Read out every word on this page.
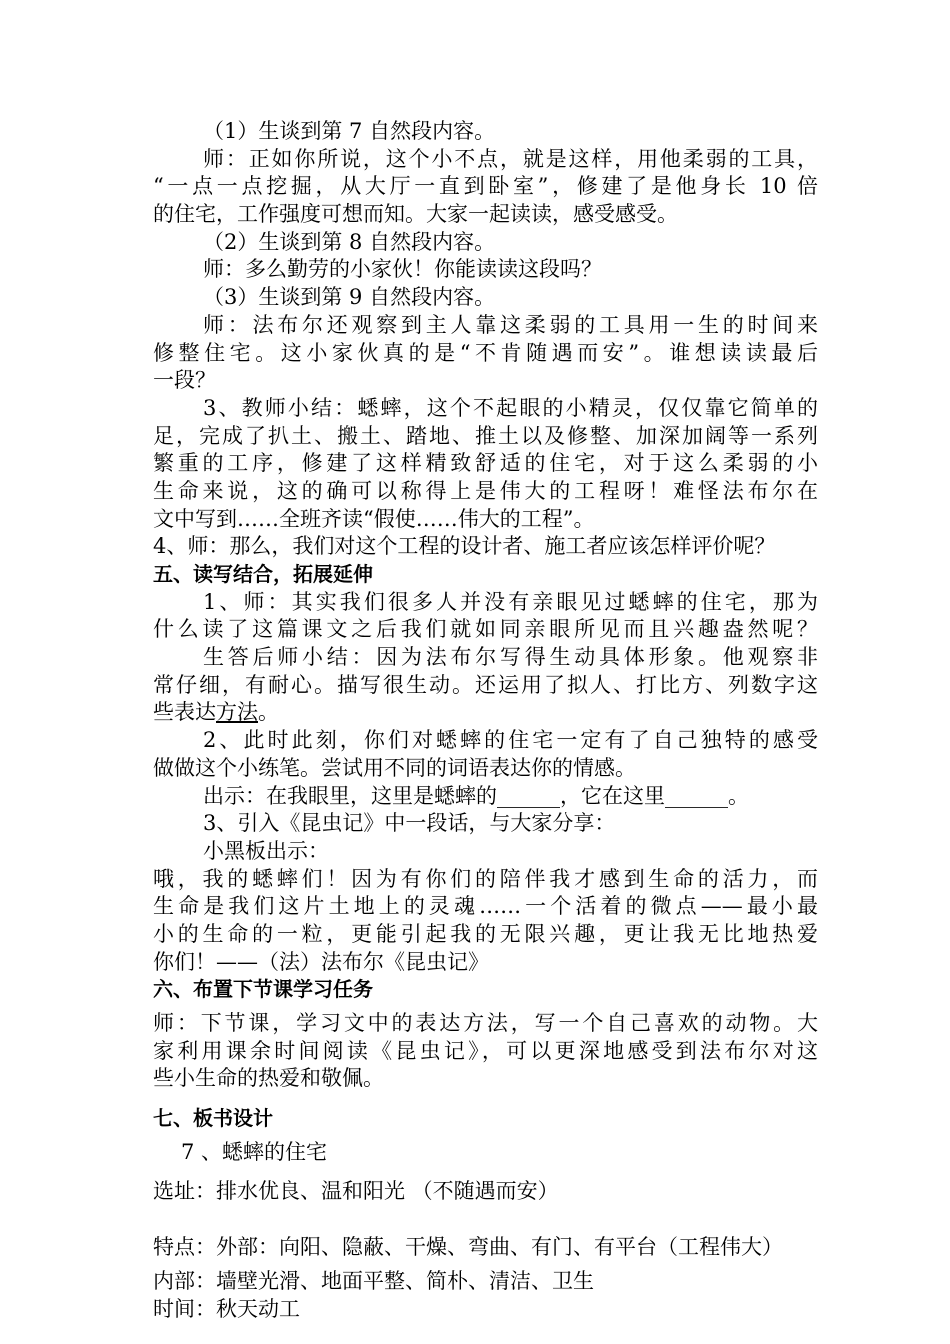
（1）生谈到第 7 自然段内容。
师：正如你所说，这个小不点，就是这样，用他柔弱的工具，
“一点一点挖掘，从大厅一直到卧室”，修建了是他身长 10 倍
的住宅，工作强度可想而知。大家一起读读，感受感受。
（2）生谈到第 8 自然段内容。
师：多么勤劳的小家伙！你能读读这段吗？
（3）生谈到第 9 自然段内容。
师：法布尔还观察到主人靠这柔弱的工具用一生的时间来
修整住宅。这小家伙真的是“不肯随遇而安”。谁想读读最后
一段？
3、教师小结：蟋蟀，这个不起眼的小精灵，仅仅靠它简单的
足，完成了扒土、搬土、踏地、推土以及修整、加深加阔等一系列
繁重的工序，修建了这样精致舒适的住宅，对于这么柔弱的小
生命来说，这的确可以称得上是伟大的工程呀！难怪法布尔在
文中写到……全班齐读“假使……伟大的工程”。
4、师：那么，我们对这个工程的设计者、施工者应该怎样评价呢？
五、读写结合，拓展延伸
1、师：其实我们很多人并没有亲眼见过蟋蟀的住宅，那为
什么读了这篇课文之后我们就如同亲眼所见而且兴趣盎然呢？
生答后师小结：因为法布尔写得生动具体形象。他观察非
常仔细，有耐心。描写很生动。还运用了拟人、打比方、列数字这
些表达方法。
2、此时此刻，你们对蟋蟀的住宅一定有了自己独特的感受
做做这个小练笔。尝试用不同的词语表达你的情感。
出示：在我眼里，这里是蟋蟀的______，它在这里______。
3、引入《昆虫记》中一段话，与大家分享：
小黑板出示：
哦，我的蟋蟀们！因为有你们的陪伴我才感到生命的活力，而
生命是我们这片土地上的灵魂……一个活着的微点——最小最
小的生命的一粒，更能引起我的无限兴趣，更让我无比地热爱
你们！——（法）法布尔《昆虫记》
六、布置下节课学习任务
师：下节课，学习文中的表达方法，写一个自己喜欢的动物。大
家利用课余时间阅读《昆虫记》，可以更深地感受到法布尔对这
些小生命的热爱和敬佩。
七、板书设计
7 、蟋蟀的住宅
选址：排水优良、温和阳光 （不随遇而安）
特点：外部：向阳、隐蔽、干燥、弯曲、有门、有平台（工程伟大）
内部：墙壁光滑、地面平整、简朴、清洁、卫生
时间：秋天动工
